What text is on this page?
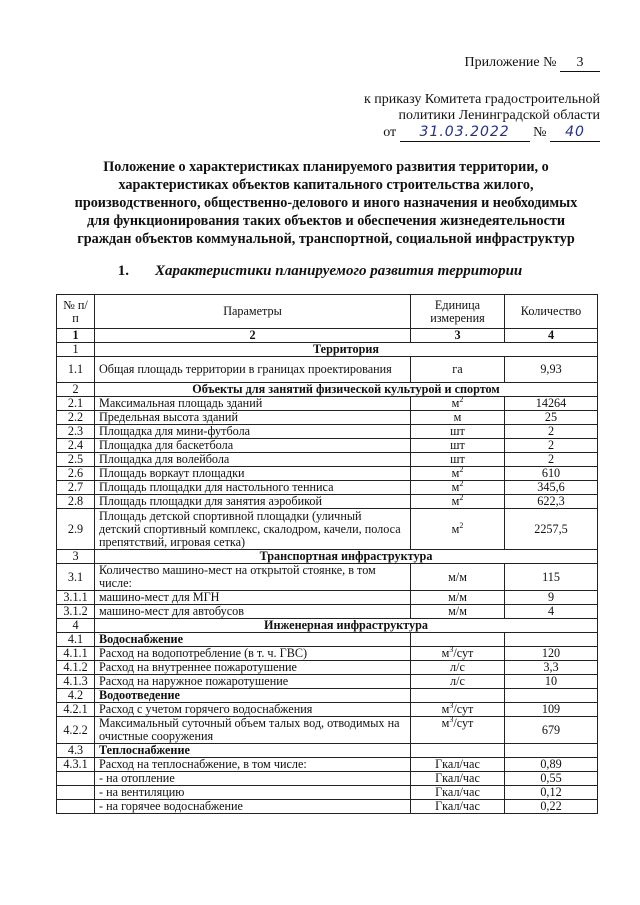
Приложение № 3
к приказу Комитета градостроительной
политики Ленинградской области
от 31.03.2022 № 40
Положение о характеристиках планируемого развития территории, о
характеристиках объектов капитального строительства жилого,
производственного, общественно-делового и иного назначения и необходимых
для функционирования таких объектов и обеспечения жизнедеятельности
граждан объектов коммунальной, транспортной, социальной инфраструктур
1. Характеристики планируемого развития территории
№ п/п	Параметры	Единица измерения	Количество
1	2	3	4
1	Территория		
1.1	Общая площадь территории в границах проектирования	га	9,93
2	Объекты для занятий физической культурой и спортом		
2.1	Максимальная площадь зданий	$м^2$	14264
2.2	Предельная высота зданий	м	25
2.3	Площадка для мини-футбола	шт	2
2.4	Площадка для баскетбола	шт	2
2.5	Площадка для волейбола	шт	2
2.6	Площадь воркаут площадки	$м^2$	610
2.7	Площадь площадки для настольного тенниса	$м^2$	345,6
2.8	Площадь площадки для занятия аэробикой	$м^2$	622,3
2.9	Площадь детской спортивной площадки (уличный детский спортивный комплекс, скалодром, качели, полоса препятствий, игровая сетка)	$м^2$	2257,5
3	Транспортная инфраструктура		
3.1	Количество машино-мест на открытой стоянке, в том числе:	м/м	115
3.1.1	машино-мест для МГН	м/м	9
3.1.2	машино-мест для автобусов	м/м	4
4	Инженерная инфраструктура		
4.1	Водоснабжение		
4.1.1	Расход на водопотребление (в т. ч. ГВС)	$м^3$/сут	120
4.1.2	Расход на внутреннее пожаротушение	л/с	3,3
4.1.3	Расход на наружное пожаротушение	л/с	10
4.2	Водоотведение		
4.2.1	Расход с учетом горячего водоснабжения	$м^3$/сут	109
4.2.2	Максимальный суточный объем талых вод, отводимых на очистные сооружения	$м^3$/сут	679
4.3	Теплоснабжение		
4.3.1	Расход на теплоснабжение, в том числе:	Гкал/час	0,89
	- на отопление	Гкал/час	0,55
	- на вентиляцию	Гкал/час	0,12
	- на горячее водоснабжение	Гкал/час	0,22
